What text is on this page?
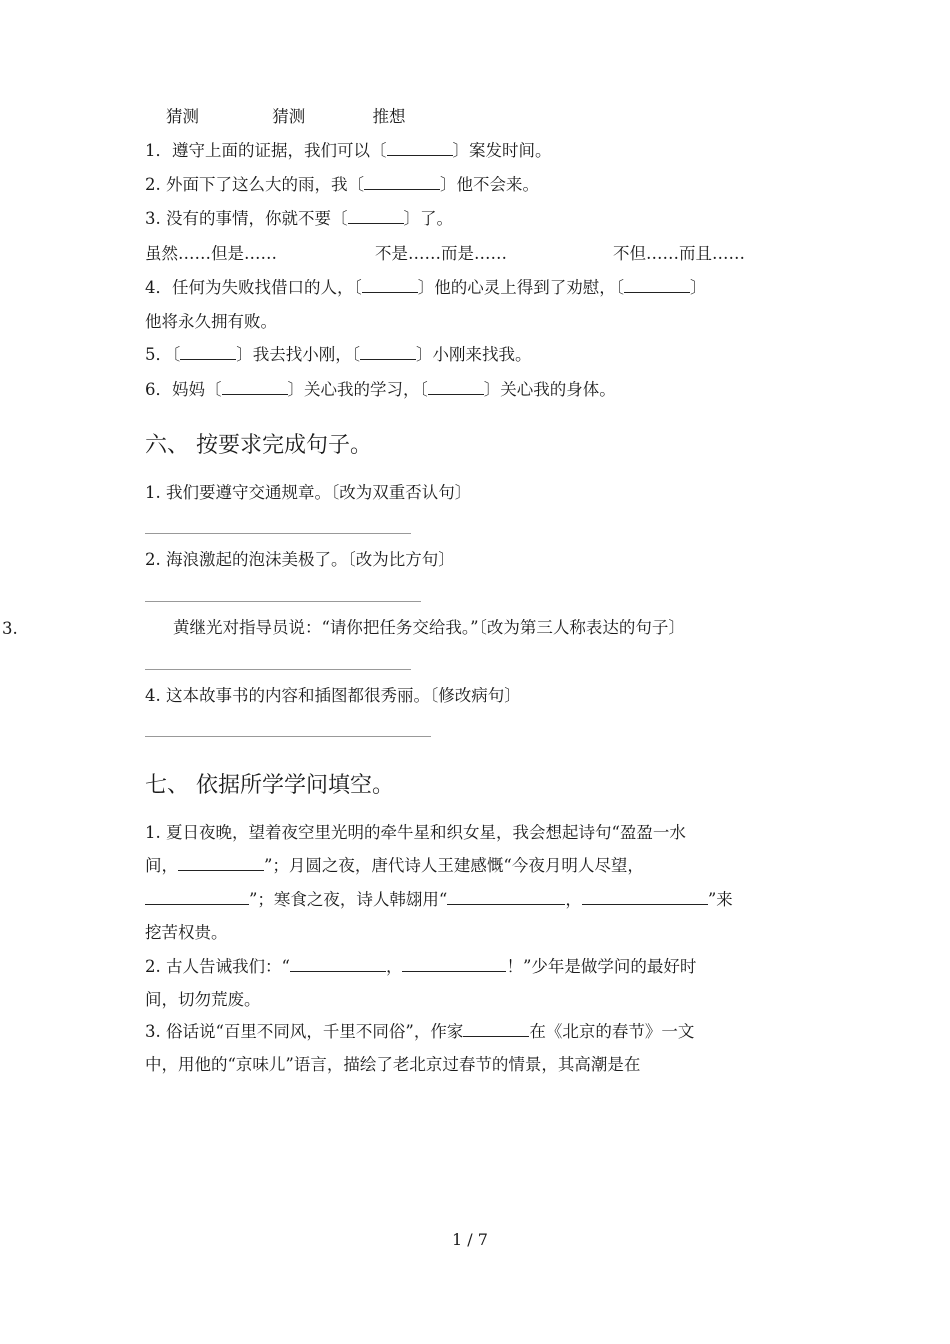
猜测	猜测	推想
1．遵守上面的证据，我们可以〔	〕案发时间。
2. 外面下了这么大的雨，我〔	〕他不会来。
3. 没有的事情，你就不要〔	〕了。
虽然……但是……	不是……而是……	不但……而且……
4．任何为失败找借口的人，〔	〕他的心灵上得到了劝慰，〔	〕
他将永久拥有败。
5．〔	〕我去找小刚，〔	〕小刚来找我。
6．妈妈〔	〕关心我的学习，〔	〕关心我的身体。
六、 按要求完成句子。
1. 我们要遵守交通规章。〔改为双重否认句〕
2. 海浪激起的泡沫美极了。〔改为比方句〕
3.	黄继光对指导员说：“请你把任务交给我。”〔改为第三人称表达的句子〕
4. 这本故事书的内容和插图都很秀丽。〔修改病句〕
七、 依据所学学问填空。
1. 夏日夜晚，望着夜空里光明的牵牛星和织女星，我会想起诗句“盈盈一水
间，	”；月圆之夜，唐代诗人王建感慨“今夜月明人尽望，
”；寒食之夜，诗人韩翃用“	，	”来
挖苦权贵。
2. 古人告诫我们：“	，	！”少年是做学问的最好时
间，切勿荒废。
3. 俗话说“百里不同风，千里不同俗”，作家	在《北京的春节》一文
中，用他的“京味儿”语言，描绘了老北京过春节的情景，其高潮是在
1 / 7
